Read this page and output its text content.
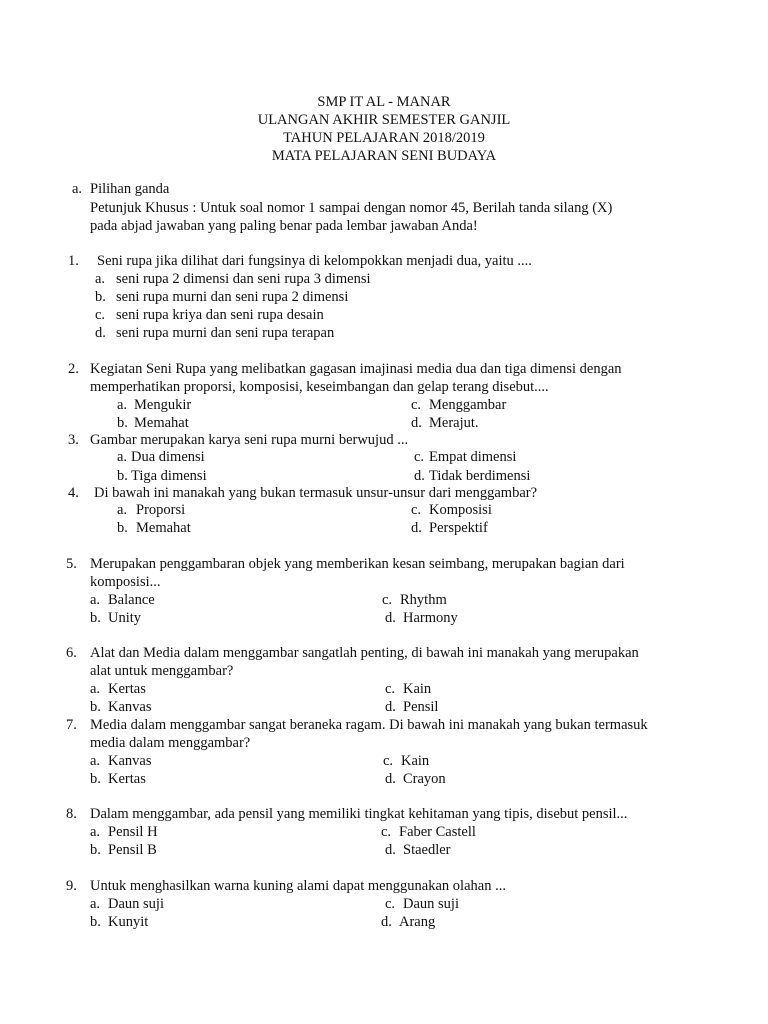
SMP IT AL - MANAR
ULANGAN AKHIR SEMESTER GANJIL
TAHUN PELAJARAN 2018/2019
MATA PELAJARAN SENI BUDAYA
a. Pilihan ganda
Petunjuk Khusus : Untuk soal nomor 1 sampai dengan nomor 45, Berilah tanda silang (X)
pada abjad jawaban yang paling benar pada lembar jawaban Anda!
1. Seni rupa jika dilihat dari fungsinya di kelompokkan menjadi dua, yaitu ....
a. seni rupa 2 dimensi dan seni rupa 3 dimensi
b. seni rupa murni dan seni rupa 2 dimensi
c. seni rupa kriya dan seni rupa desain
d. seni rupa murni dan seni rupa terapan
2. Kegiatan Seni Rupa yang melibatkan gagasan imajinasi media dua dan tiga dimensi dengan
memperhatikan proporsi, komposisi, keseimbangan dan gelap terang disebut....
a. Mengukir
b. Memahat
c. Menggambar
d. Merajut.
3. Gambar merupakan karya seni rupa murni berwujud ...
a. Dua dimensi
b. Tiga dimensi
c. Empat dimensi
d. Tidak berdimensi
4. Di bawah ini manakah yang bukan termasuk unsur-unsur dari menggambar?
a. Proporsi
b. Memahat
c. Komposisi
d. Perspektif
5. Merupakan penggambaran objek yang memberikan kesan seimbang, merupakan bagian dari
komposisi...
a. Balance
b. Unity
c. Rhythm
d. Harmony
6. Alat dan Media dalam menggambar sangatlah penting, di bawah ini manakah yang merupakan
alat untuk menggambar?
a. Kertas
b. Kanvas
c. Kain
d. Pensil
7. Media dalam menggambar sangat beraneka ragam. Di bawah ini manakah yang bukan termasuk
media dalam menggambar?
a. Kanvas
b. Kertas
c. Kain
d. Crayon
8. Dalam menggambar, ada pensil yang memiliki tingkat kehitaman yang tipis, disebut pensil...
a. Pensil H
b. Pensil B
c. Faber Castell
d. Staedler
9. Untuk menghasilkan warna kuning alami dapat menggunakan olahan ...
a. Daun suji
b. Kunyit
c. Daun suji
d. Arang
